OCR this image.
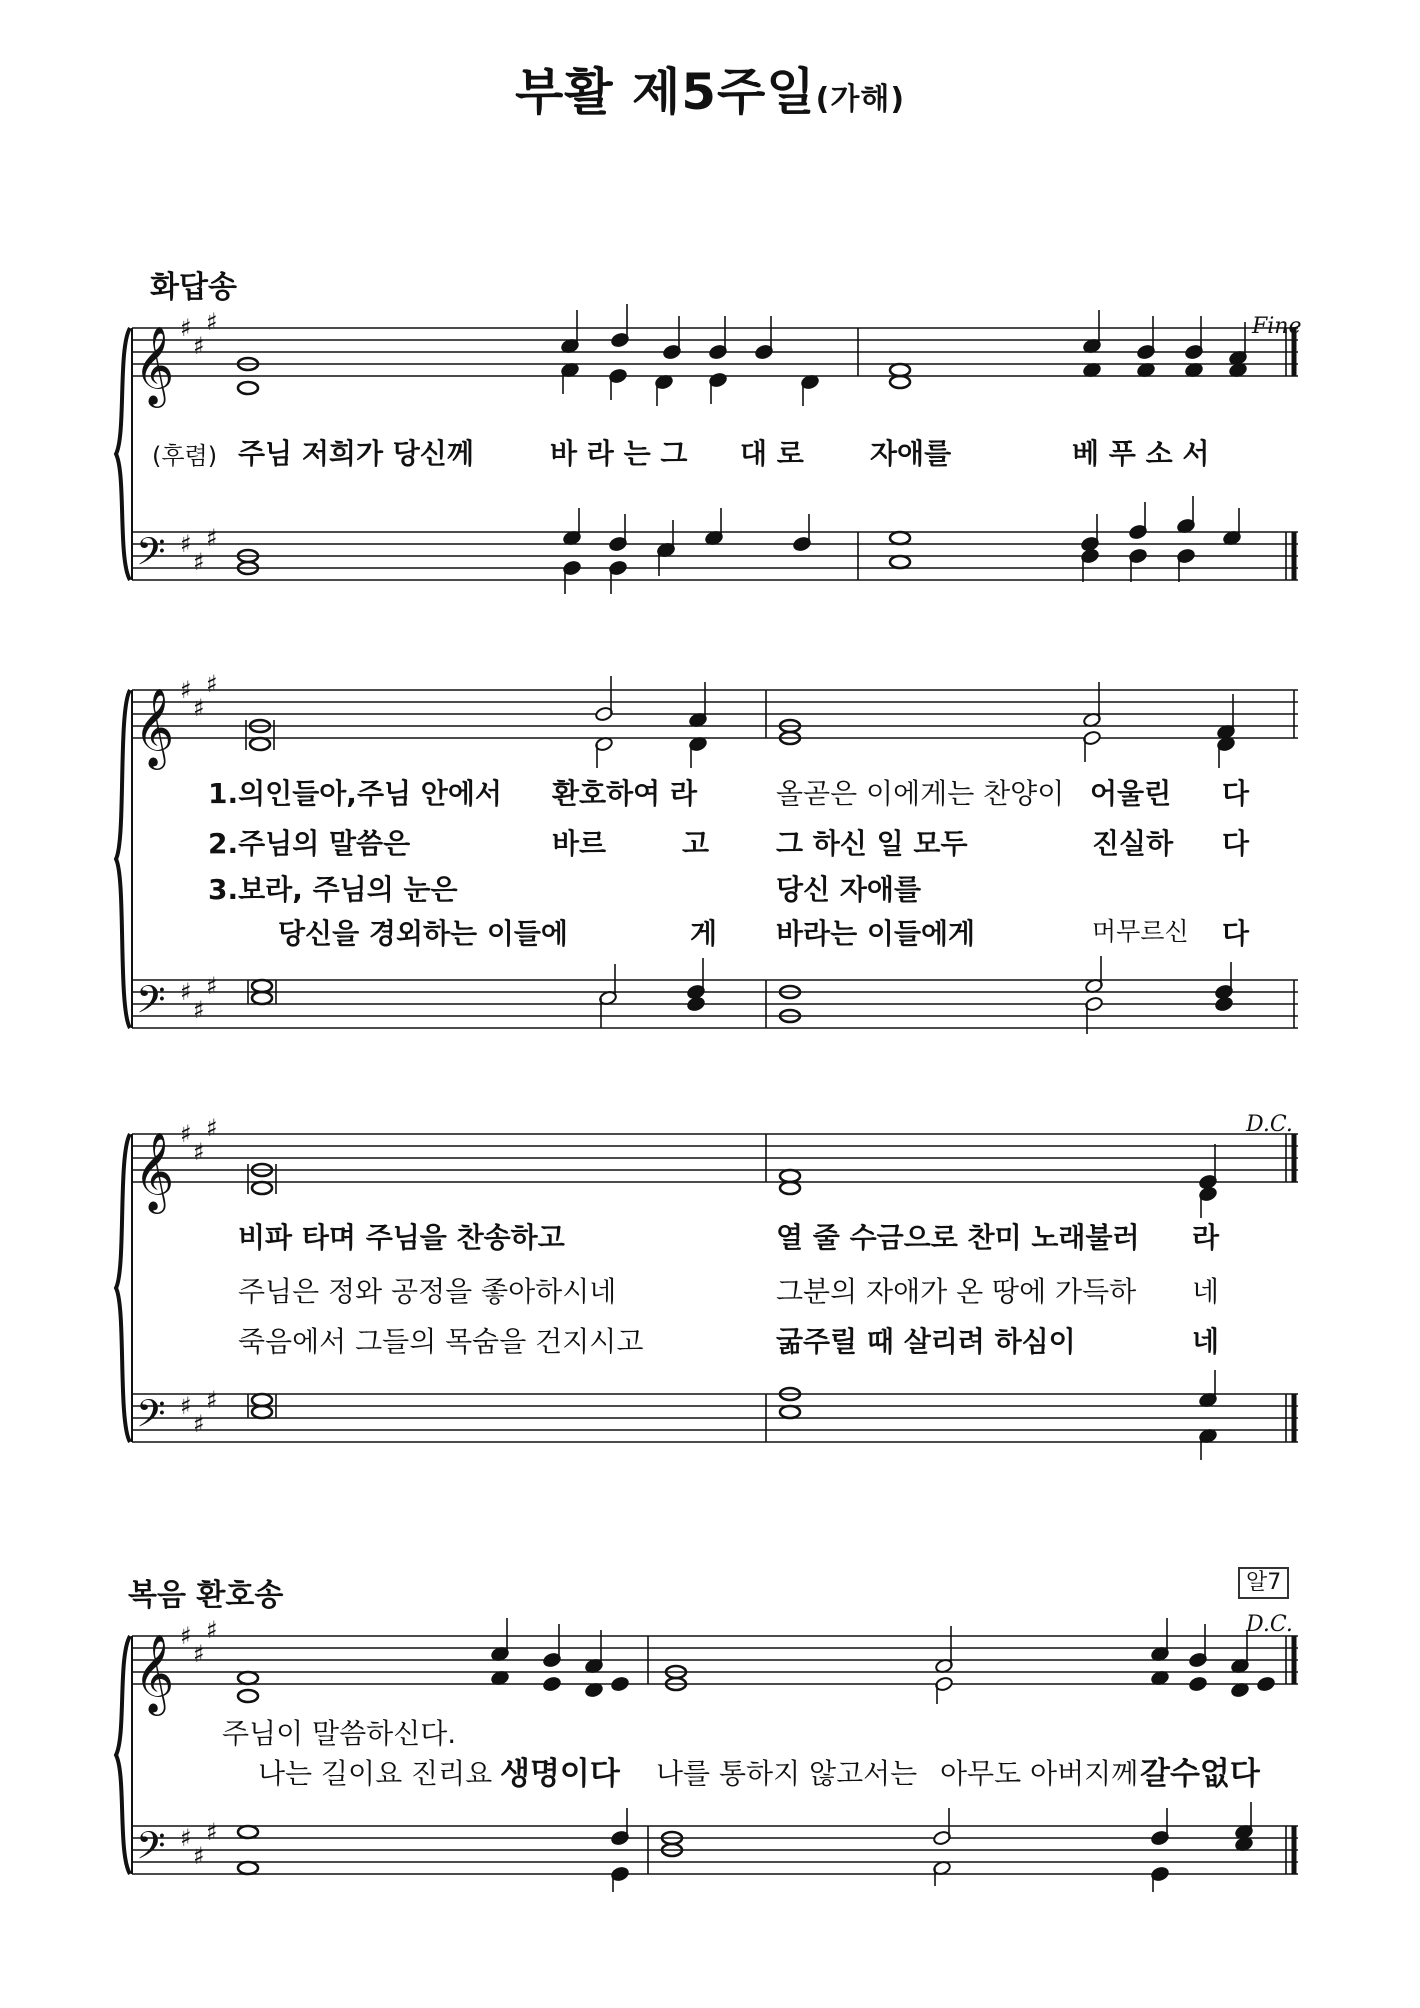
부활 제5주일(가해)
화답송
Fine
D.C.
알7
D.C.
(후렴) 주님 저희가 당신께	바 라 는 그 대 로 자애를	베 푸 소 서
1.의인들아,주님 안에서 환호하여 라	올곧은 이에게는 찬양이 어울린 다
2.주님의 말씀은	바르	고 그 하신 일 모두	진실하 다
3.보라, 주님의 눈은	당신 자애를
당신을 경외하는 이들에	게 바라는 이들에게	머무르신 다
비파 타며 주님을 찬송하고	열 줄 수금으로 찬미 노래불러 라
주님은 정와 공정을 좋아하시네	그분의 자애가 온 땅에 가득하 네
죽음에서 그들의 목숨을 건지시고	굶주릴 때 살리려 하심이	네
복음 환호송
주님이 말씀하신다.
나는 길이요 진리요 생명이다 나를 통하지 않고서는 아무도 아버지께 갈수없다
𝄞 ♯
♯
♯
𝄢 ♯
♯
♯
𝄞 ♯
♯
♯
𝄢 ♯
♯
♯
𝄞 ♯
♯
♯
𝄢 ♯
♯
♯
𝄞 ♯
♯
♯
𝄢 ♯
♯
♯
